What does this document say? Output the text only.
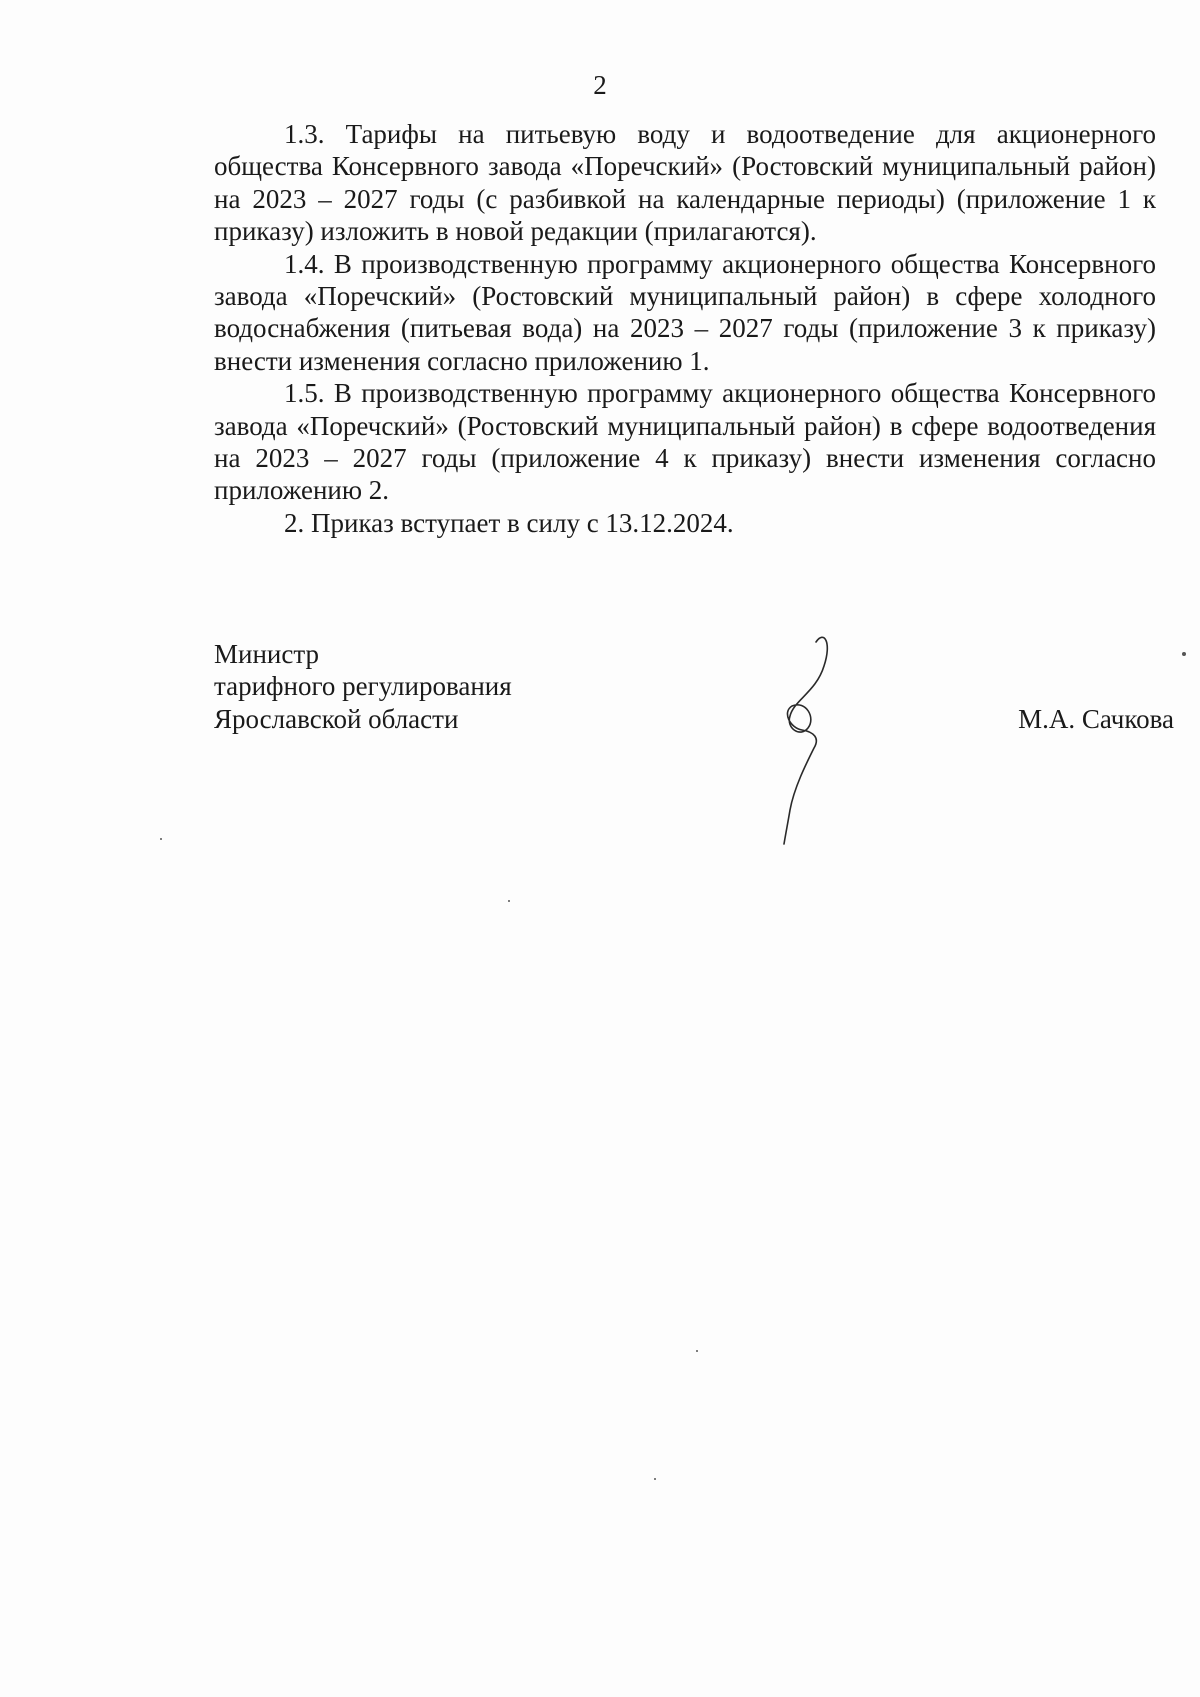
2

1.3. Тарифы на питьевую воду и водоотведение для акционерного общества Консервного завода «Поречский» (Ростовский муниципальный район) на 2023 – 2027 годы (с разбивкой на календарные периоды) (приложение 1 к приказу) изложить в новой редакции (прилагаются).

1.4. В производственную программу акционерного общества Консервного завода «Поречский» (Ростовский муниципальный район) в сфере холодного водоснабжения (питьевая вода) на 2023 – 2027 годы (приложение 3 к приказу) внести изменения согласно приложению 1.

1.5. В производственную программу акционерного общества Консервного завода «Поречский» (Ростовский муниципальный район) в сфере водоотведения на 2023 – 2027 годы (приложение 4 к приказу) внести изменения согласно приложению 2.

2. Приказ вступает в силу с 13.12.2024.

Министр
тарифного регулирования
Ярославской области	М.А. Сачкова
